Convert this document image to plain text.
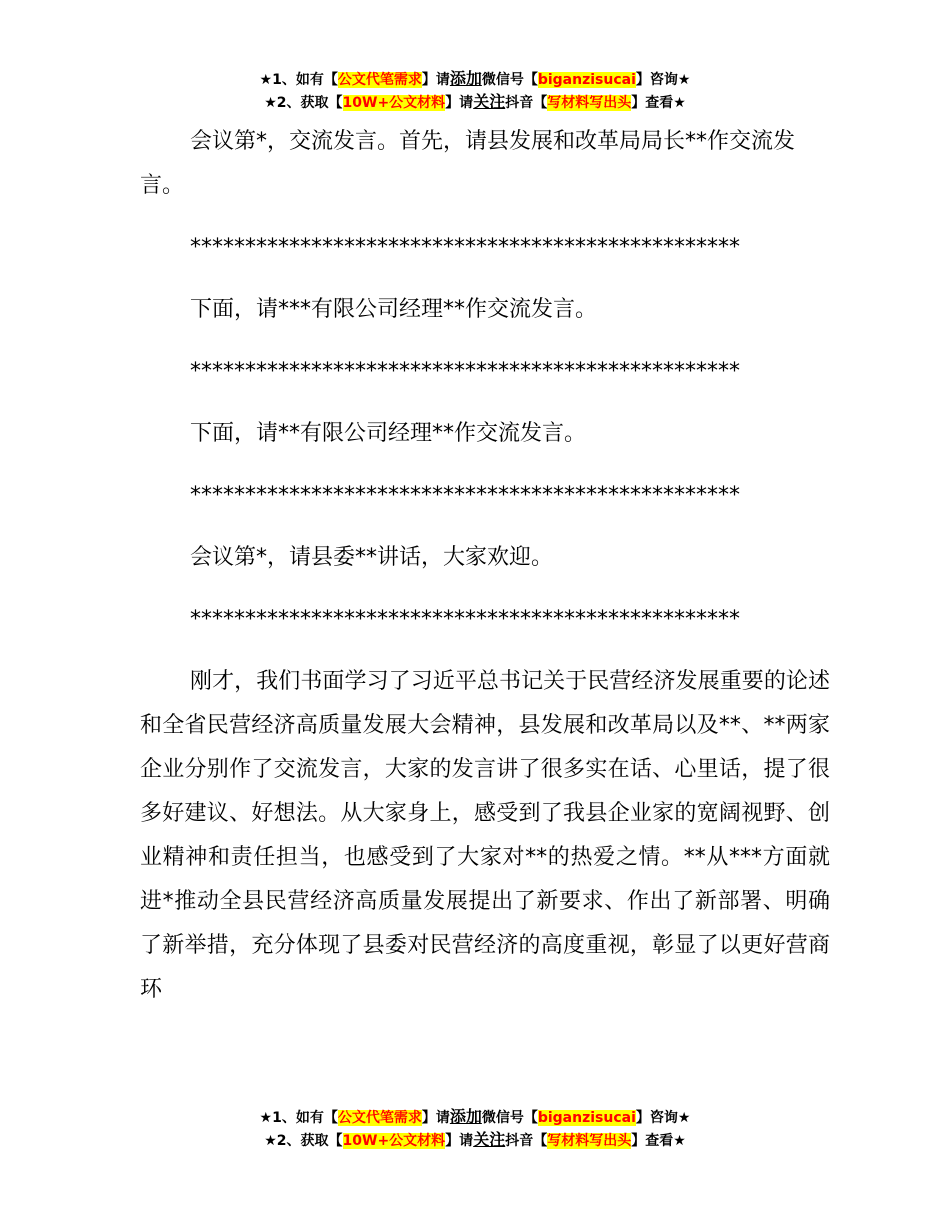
★1、如有【公文代笔需求】请添加微信号【biganzisucai】咨询★
★2、获取【10W+公文材料】请关注抖音【写材料写出头】查看★

会议第*，交流发言。首先，请县发展和改革局局长**作交流发言。

**************************************************

下面，请***有限公司经理**作交流发言。

**************************************************

下面，请**有限公司经理**作交流发言。

**************************************************

会议第*，请县委**讲话，大家欢迎。

**************************************************

刚才，我们书面学习了习近平总书记关于民营经济发展重要的论述和全省民营经济高质量发展大会精神，县发展和改革局以及**、**两家企业分别作了交流发言，大家的发言讲了很多实在话、心里话，提了很多好建议、好想法。从大家身上，感受到了我县企业家的宽阔视野、创业精神和责任担当，也感受到了大家对**的热爱之情。**从***方面就进*推动全县民营经济高质量发展提出了新要求、作出了新部署、明确了新举措，充分体现了县委对民营经济的高度重视，彰显了以更好营商环

★1、如有【公文代笔需求】请添加微信号【biganzisucai】咨询★
★2、获取【10W+公文材料】请关注抖音【写材料写出头】查看★
